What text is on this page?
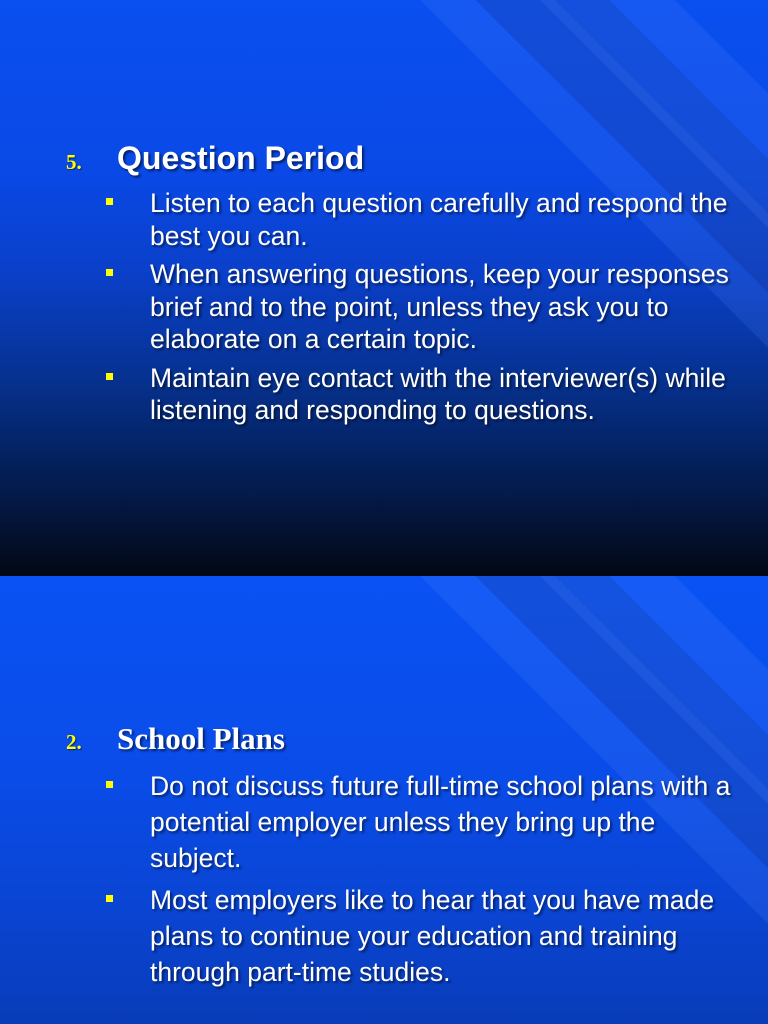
5.	Question Period
Listen to each question carefully and respond the best you can.
When answering questions, keep your responses brief and to the point, unless they ask you to elaborate on a certain topic.
Maintain eye contact with the interviewer(s) while listening and responding to questions.
2.	School Plans
Do not discuss future full-time school plans with a potential employer unless they bring up the subject.
Most employers like to hear that you have made plans to continue your education and training through part-time studies.
